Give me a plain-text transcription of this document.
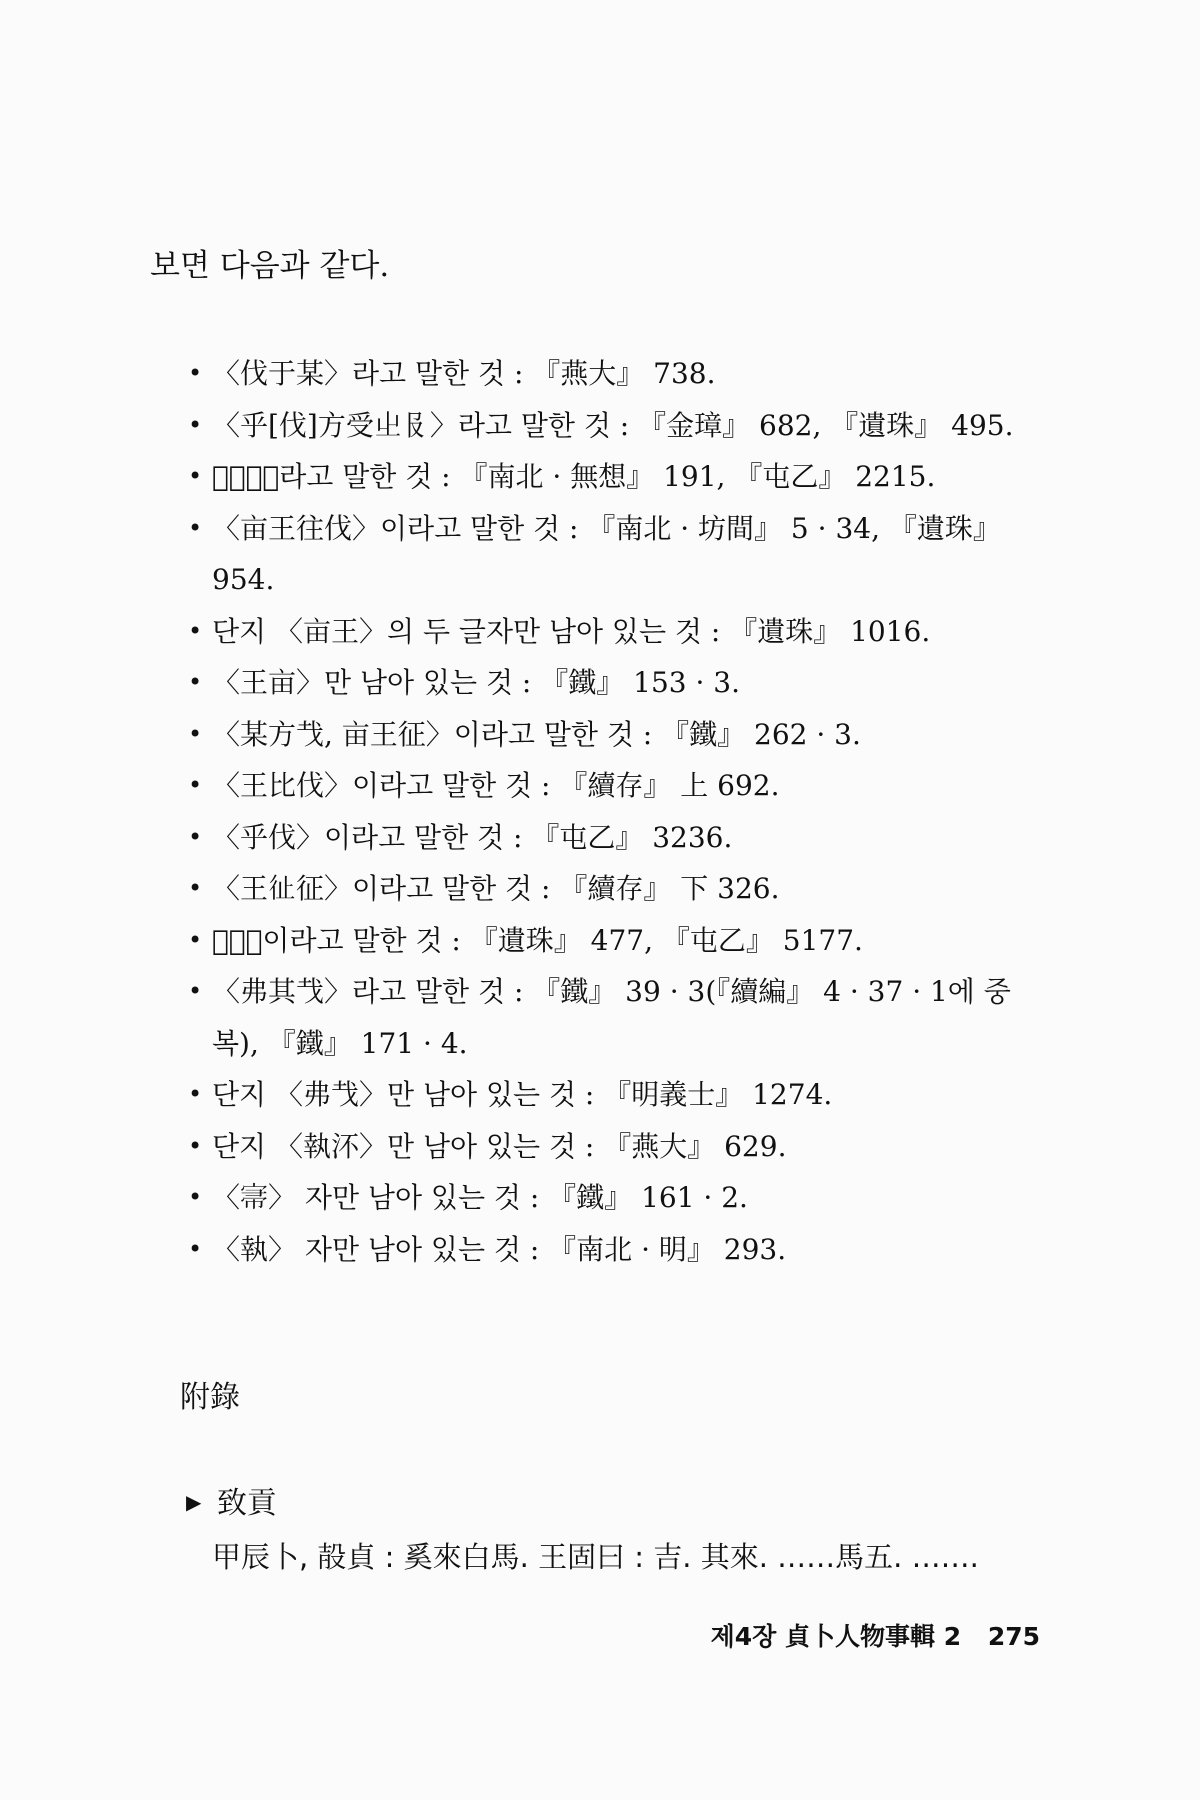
보면 다음과 같다.
• 〈伐于某〉라고 말한 것 : 『燕大』 738.
• 〈乎[伐]方受𡳿𠬝〉라고 말한 것 : 『金璋』 682, 『遺珠』 495.
• 〈𫺊某〉라고 말한 것 : 『南北 · 無想』 191, 『屯乙』 2215.
• 〈亩王往伐〉이라고 말한 것 : 『南北 · 坊間』 5 · 34, 『遺珠』 954.
• 단지 〈亩王〉의 두 글자만 남아 있는 것 : 『遺珠』 1016.
• 〈王亩〉만 남아 있는 것 : 『鐵』 153 · 3.
• 〈某方𢦏, 亩王征〉이라고 말한 것 : 『鐵』 262 · 3.
• 〈王比伐〉이라고 말한 것 : 『續存』 上 692.
• 〈乎伐〉이라고 말한 것 : 『屯乙』 3236.
• 〈王𢓊征〉이라고 말한 것 : 『續存』 下 326.
• 〈𦎫〉이라고 말한 것 : 『遺珠』 477, 『屯乙』 5177.
• 〈弗其𢦏〉라고 말한 것 : 『鐵』 39 · 3(『續編』 4 · 37 · 1에 중복), 『鐵』 171 · 4.
• 단지 〈弗𢦏〉만 남아 있는 것 : 『明義士』 1274.
• 단지 〈執㳅〉만 남아 있는 것 : 『燕大』 629.
• 〈𡨦〉 자만 남아 있는 것 : 『鐵』 161 · 2.
• 〈執〉 자만 남아 있는 것 : 『南北 · 明』 293.
附錄
▶ 致貢
甲辰卜, 㱿貞 : 奚來白馬. 王固曰 : 吉. 其來. ……馬五. …….
제4장 貞卜人物事輯 2 275
